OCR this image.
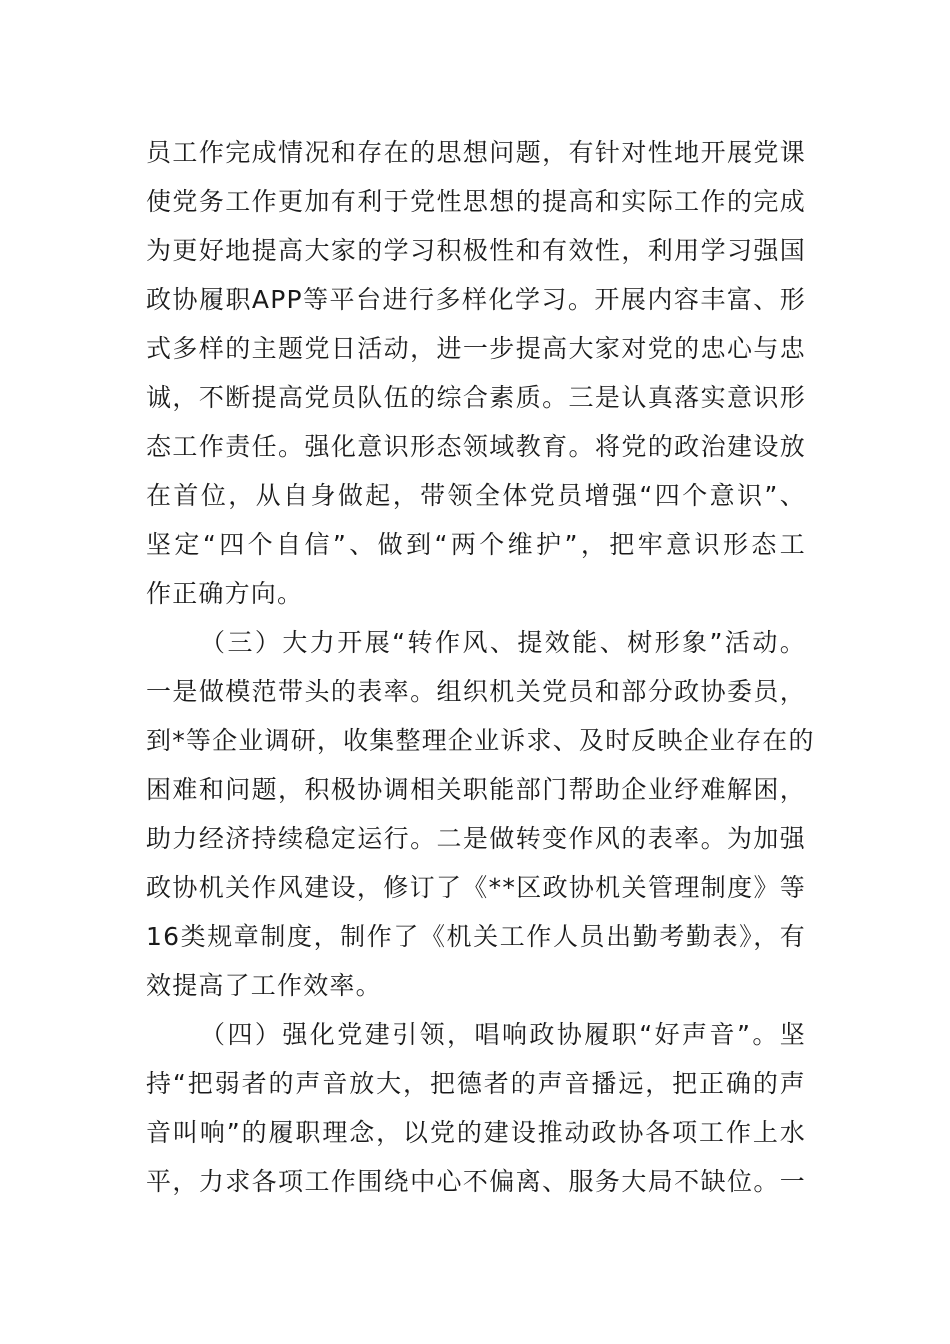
员工作完成情况和存在的思想问题，有针对性地开展党课
使党务工作更加有利于党性思想的提高和实际工作的完成
为更好地提高大家的学习积极性和有效性，利用学习强国
政协履职APP等平台进行多样化学习。开展内容丰富、形
式多样的主题党日活动，进一步提高大家对党的忠心与忠
诚，不断提高党员队伍的综合素质。三是认真落实意识形
态工作责任。强化意识形态领域教育。将党的政治建设放
在首位，从自身做起，带领全体党员增强“四个意识”、
坚定“四个自信”、做到“两个维护”，把牢意识形态工
作正确方向。
（三）大力开展“转作风、提效能、树形象”活动。
一是做模范带头的表率。组织机关党员和部分政协委员，
到*等企业调研，收集整理企业诉求、及时反映企业存在的
困难和问题，积极协调相关职能部门帮助企业纾难解困，
助力经济持续稳定运行。二是做转变作风的表率。为加强
政协机关作风建设，修订了《**区政协机关管理制度》等
16类规章制度，制作了《机关工作人员出勤考勤表》，有
效提高了工作效率。
（四）强化党建引领，唱响政协履职“好声音”。坚
持“把弱者的声音放大，把德者的声音播远，把正确的声
音叫响”的履职理念，以党的建设推动政协各项工作上水
平，力求各项工作围绕中心不偏离、服务大局不缺位。一
